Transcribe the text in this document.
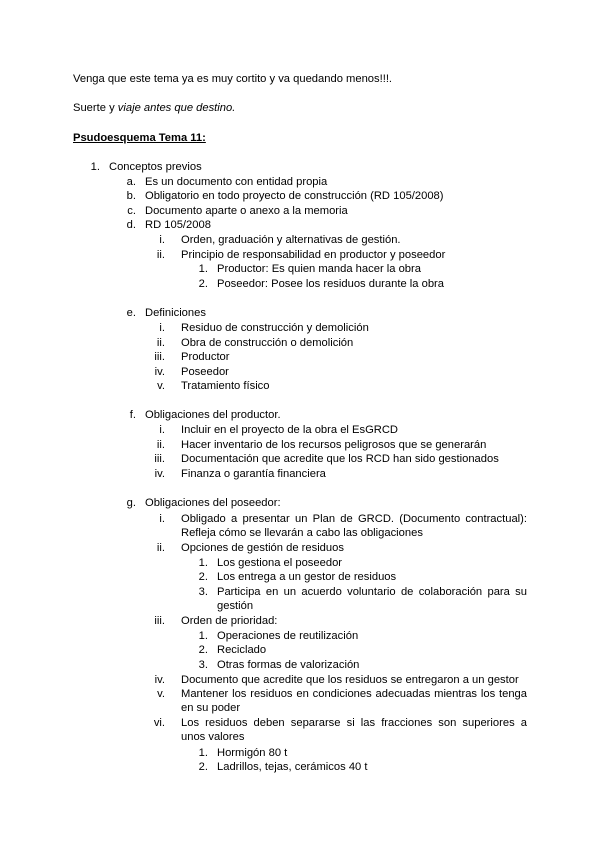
Venga que este tema ya es muy cortito y va quedando menos!!!.
Suerte y viaje antes que destino.
Psudoesquema Tema 11:
1. Conceptos previos
a. Es un documento con entidad propia
b. Obligatorio en todo proyecto de construcción (RD 105/2008)
c. Documento aparte o anexo a la memoria
d. RD 105/2008
i. Orden, graduación y alternativas de gestión.
ii. Principio de responsabilidad en productor y poseedor
1. Productor: Es quien manda hacer la obra
2. Poseedor: Posee los residuos durante la obra
e. Definiciones
i. Residuo de construcción y demolición
ii. Obra de construcción o demolición
iii. Productor
iv. Poseedor
v. Tratamiento físico
f. Obligaciones del productor.
i. Incluir en el proyecto de la obra el EsGRCD
ii. Hacer inventario de los recursos peligrosos que se generarán
iii. Documentación que acredite que los RCD han sido gestionados
iv. Finanza o garantía financiera
g. Obligaciones del poseedor:
i. Obligado a presentar un Plan de GRCD. (Documento contractual): Refleja cómo se llevarán a cabo las obligaciones
ii. Opciones de gestión de residuos
1. Los gestiona el poseedor
2. Los entrega a un gestor de residuos
3. Participa en un acuerdo voluntario de colaboración para su gestión
iii. Orden de prioridad:
1. Operaciones de reutilización
2. Reciclado
3. Otras formas de valorización
iv. Documento que acredite que los residuos se entregaron a un gestor
v. Mantener los residuos en condiciones adecuadas mientras los tenga en su poder
vi. Los residuos deben separarse si las fracciones son superiores a unos valores
1. Hormigón 80 t
2. Ladrillos, tejas, cerámicos 40 t
